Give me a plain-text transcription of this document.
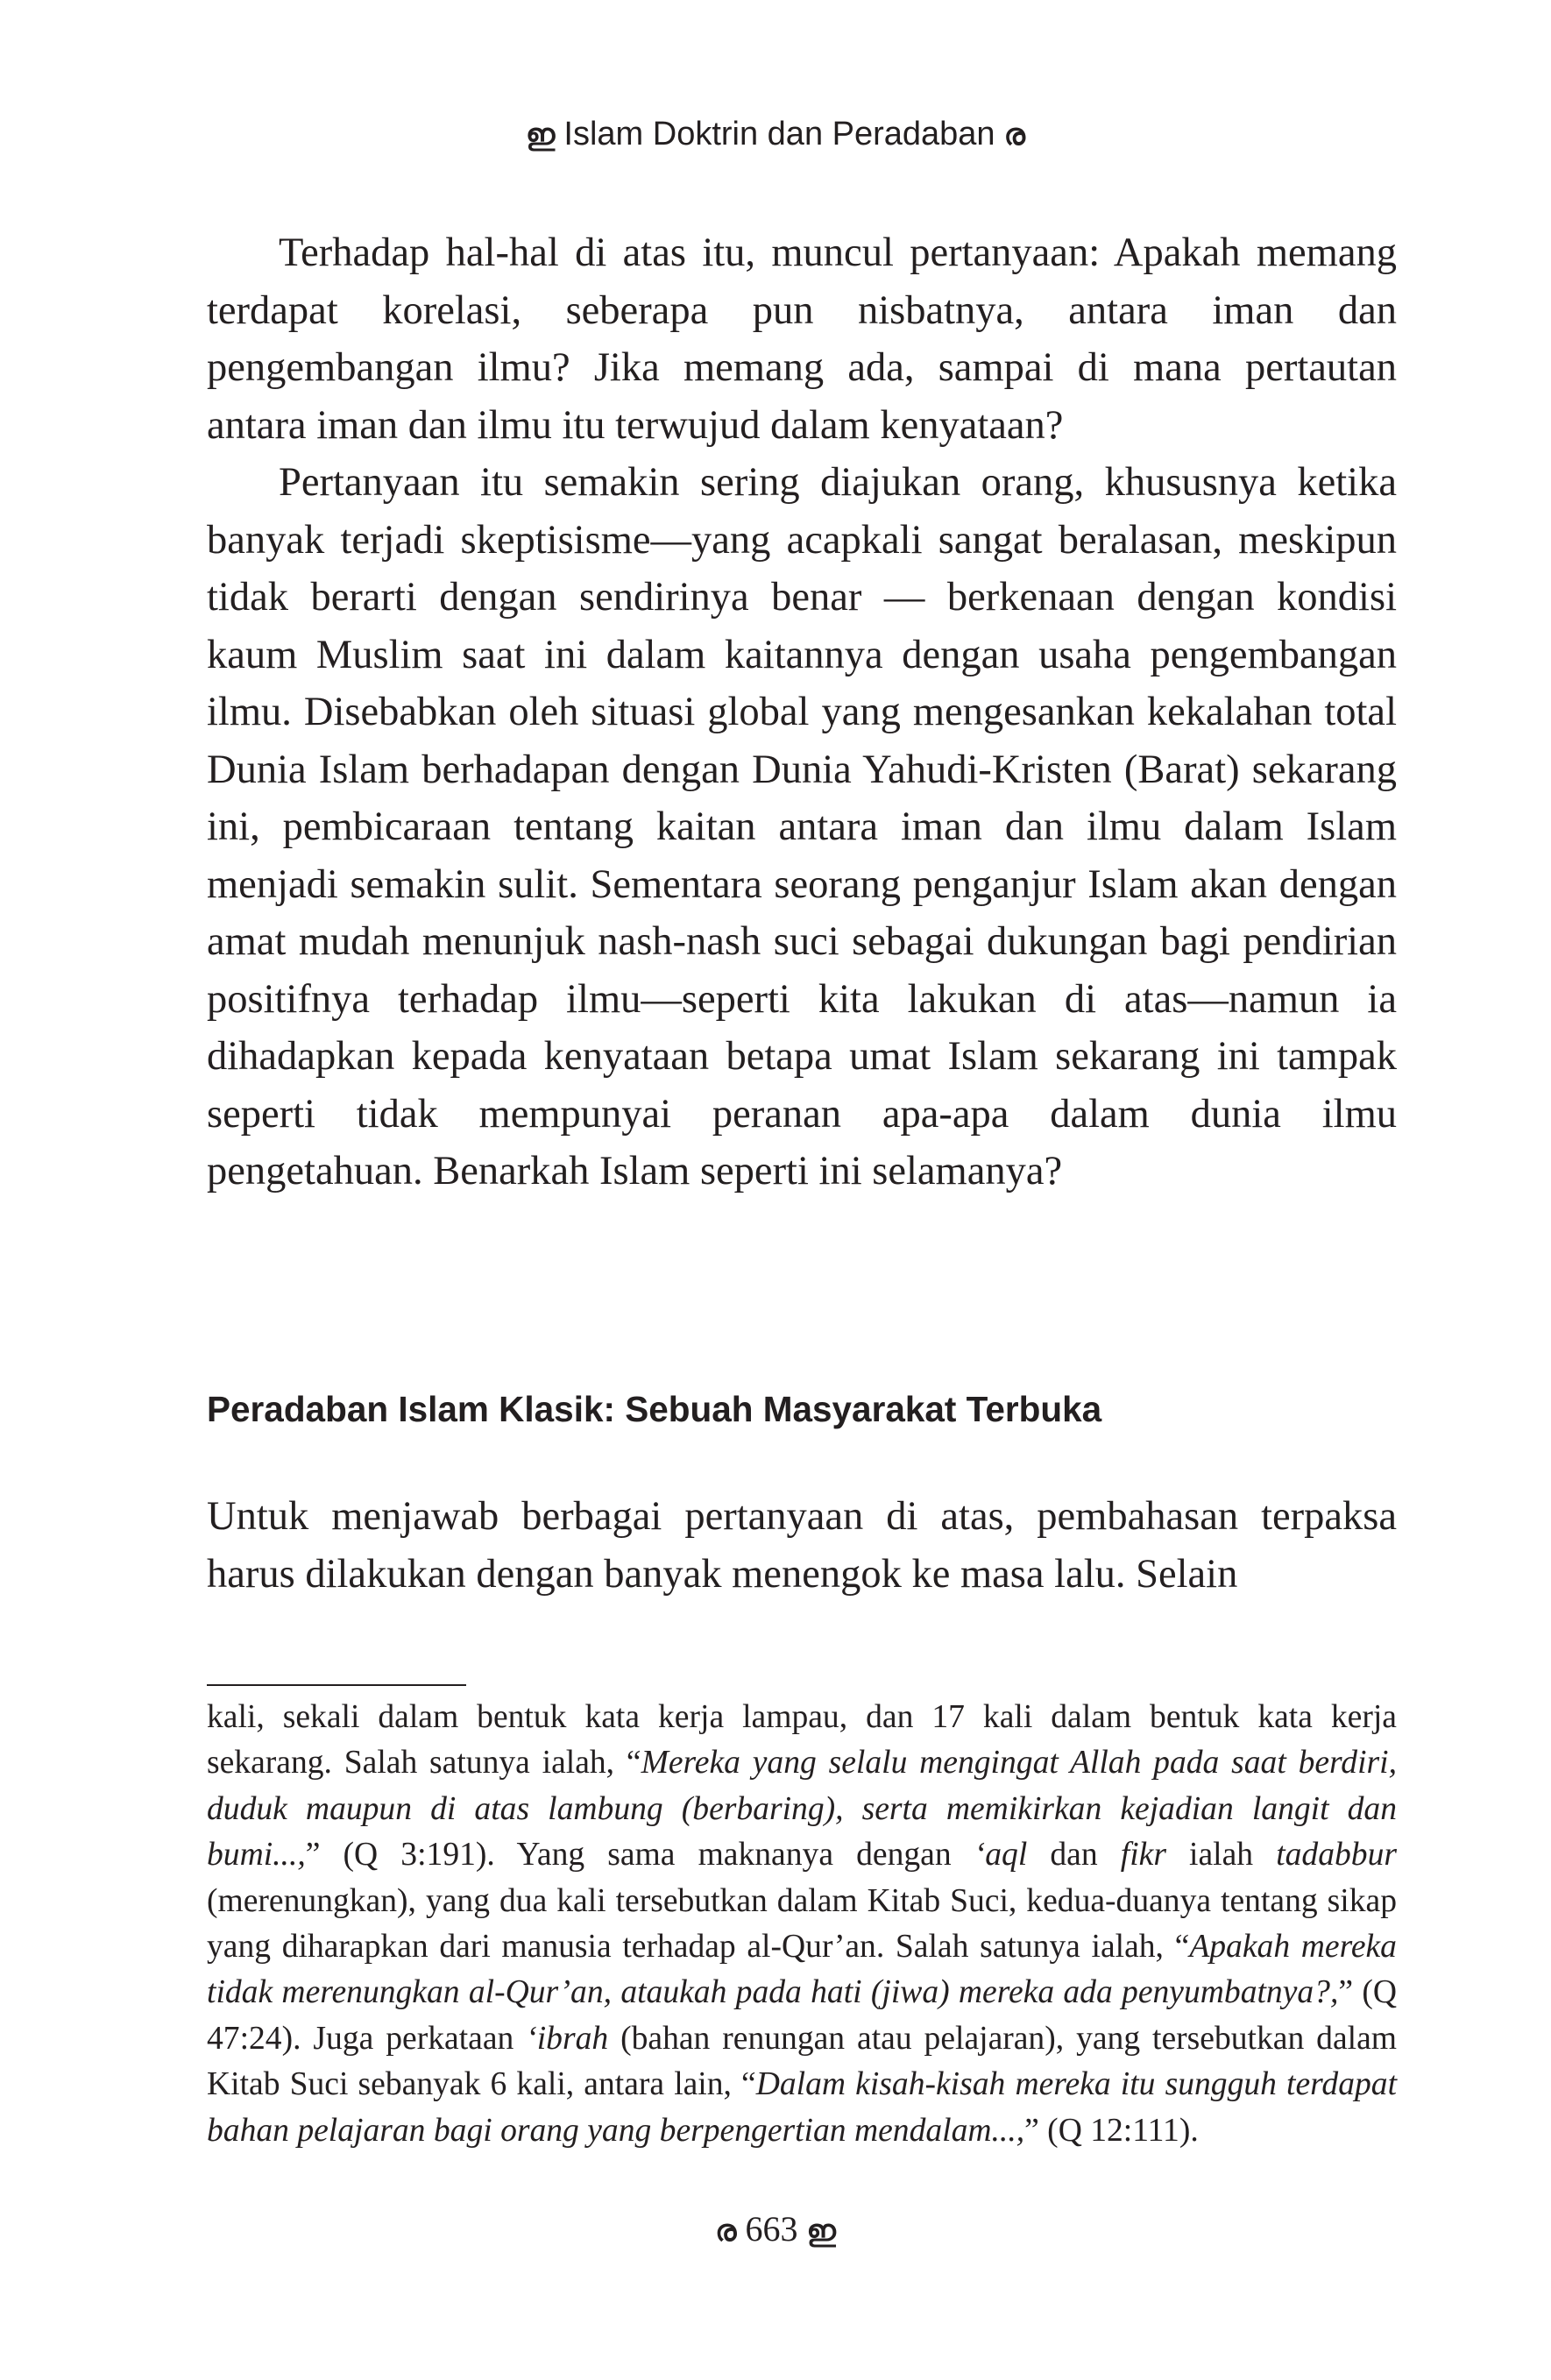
ഇ Islam Doktrin dan Peradaban ര

Terhadap hal-hal di atas itu, muncul pertanyaan: Apakah memang terdapat korelasi, seberapa pun nisbatnya, antara iman dan pengembangan ilmu? Jika memang ada, sampai di mana pertautan antara iman dan ilmu itu terwujud dalam kenyataan?

Pertanyaan itu semakin sering diajukan orang, khususnya ketika banyak terjadi skeptisisme—yang acapkali sangat beralasan, meskipun tidak berarti dengan sendirinya benar — berkenaan dengan kondisi kaum Muslim saat ini dalam kaitannya dengan usaha pengembangan ilmu. Disebabkan oleh situasi global yang mengesankan kekalahan total Dunia Islam berhadapan dengan Dunia Yahudi-Kristen (Barat) sekarang ini, pembicaraan tentang kaitan antara iman dan ilmu dalam Islam menjadi semakin sulit. Sementara seorang penganjur Islam akan dengan amat mudah menunjuk nash-nash suci sebagai dukungan bagi pendirian positifnya terhadap ilmu—seperti kita lakukan di atas—namun ia dihadapkan kepada kenyataan betapa umat Islam sekarang ini tampak seperti tidak mempunyai peranan apa-apa dalam dunia ilmu pengetahuan. Benarkah Islam seperti ini selamanya?

Peradaban Islam Klasik: Sebuah Masyarakat Terbuka

Untuk menjawab berbagai pertanyaan di atas, pembahasan terpaksa harus dilakukan dengan banyak menengok ke masa lalu. Selain

kali, sekali dalam bentuk kata kerja lampau, dan 17 kali dalam bentuk kata kerja sekarang. Salah satunya ialah, “Mereka yang selalu mengingat Allah pada saat berdiri, duduk maupun di atas lambung (berbaring), serta memikirkan kejadian langit dan bumi...,” (Q 3:191). Yang sama maknanya dengan ‘aql dan fikr ialah tadabbur (merenungkan), yang dua kali tersebutkan dalam Kitab Suci, kedua-duanya tentang sikap yang diharapkan dari manusia terhadap al-Qur’an. Salah satunya ialah, “Apakah mereka tidak merenungkan al-Qur’an, ataukah pada hati (jiwa) mereka ada penyumbatnya?,” (Q 47:24). Juga perkataan ‘ibrah (bahan renungan atau pelajaran), yang tersebutkan dalam Kitab Suci sebanyak 6 kali, antara lain, “Dalam kisah-kisah mereka itu sungguh terdapat bahan pelajaran bagi orang yang berpengertian mendalam...,” (Q 12:111).

ര 663 ഇ
